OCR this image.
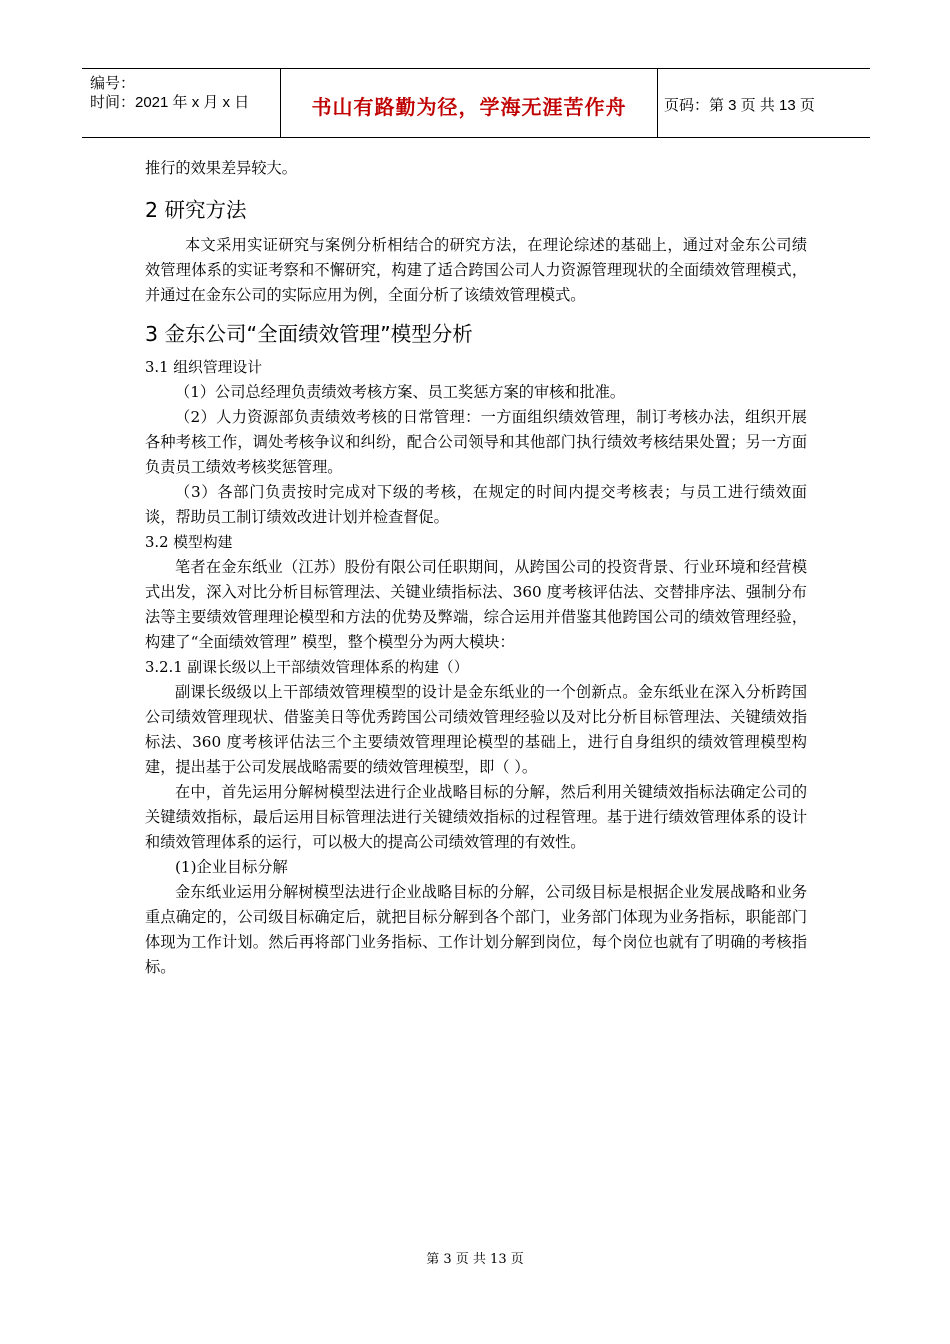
编号：
时间：2021 年 x 月 x 日	书山有路勤为径，学海无涯苦作舟	页码：第 3 页 共 13 页

推行的效果差异较大。

2 研究方法

本文采用实证研究与案例分析相结合的研究方法，在理论综述的基础上，通过对金东公司绩效管理体系的实证考察和不懈研究，构建了适合跨国公司人力资源管理现状的全面绩效管理模式，并通过在金东公司的实际应用为例，全面分析了该绩效管理模式。

3 金东公司“全面绩效管理”模型分析

3.1 组织管理设计

（1）公司总经理负责绩效考核方案、员工奖惩方案的审核和批准。

（2）人力资源部负责绩效考核的日常管理：一方面组织绩效管理，制订考核办法，组织开展各种考核工作，调处考核争议和纠纷，配合公司领导和其他部门执行绩效考核结果处置；另一方面负责员工绩效考核奖惩管理。

（3）各部门负责按时完成对下级的考核，在规定的时间内提交考核表；与员工进行绩效面谈，帮助员工制订绩效改进计划并检查督促。

3.2 模型构建

笔者在金东纸业（江苏）股份有限公司任职期间，从跨国公司的投资背景、行业环境和经营模式出发，深入对比分析目标管理法、关键业绩指标法、360 度考核评估法、交替排序法、强制分布法等主要绩效管理理论模型和方法的优势及弊端，综合运用并借鉴其他跨国公司的绩效管理经验，构建了“全面绩效管理” 模型，整个模型分为两大模块：

3.2.1 副课长级以上干部绩效管理体系的构建（）

副课长级级以上干部绩效管理模型的设计是金东纸业的一个创新点。金东纸业在深入分析跨国公司绩效管理现状、借鉴美日等优秀跨国公司绩效管理经验以及对比分析目标管理法、关键绩效指标法、360 度考核评估法三个主要绩效管理理论模型的基础上，进行自身组织的绩效管理模型构建，提出基于公司发展战略需要的绩效管理模型，即（ ）。

在中，首先运用分解树模型法进行企业战略目标的分解，然后利用关键绩效指标法确定公司的关键绩效指标，最后运用目标管理法进行关键绩效指标的过程管理。基于进行绩效管理体系的设计和绩效管理体系的运行，可以极大的提高公司绩效管理的有效性。

(1)企业目标分解

金东纸业运用分解树模型法进行企业战略目标的分解，公司级目标是根据企业发展战略和业务重点确定的，公司级目标确定后，就把目标分解到各个部门，业务部门体现为业务指标，职能部门体现为工作计划。然后再将部门业务指标、工作计划分解到岗位，每个岗位也就有了明确的考核指标。

第 3 页 共 13 页
